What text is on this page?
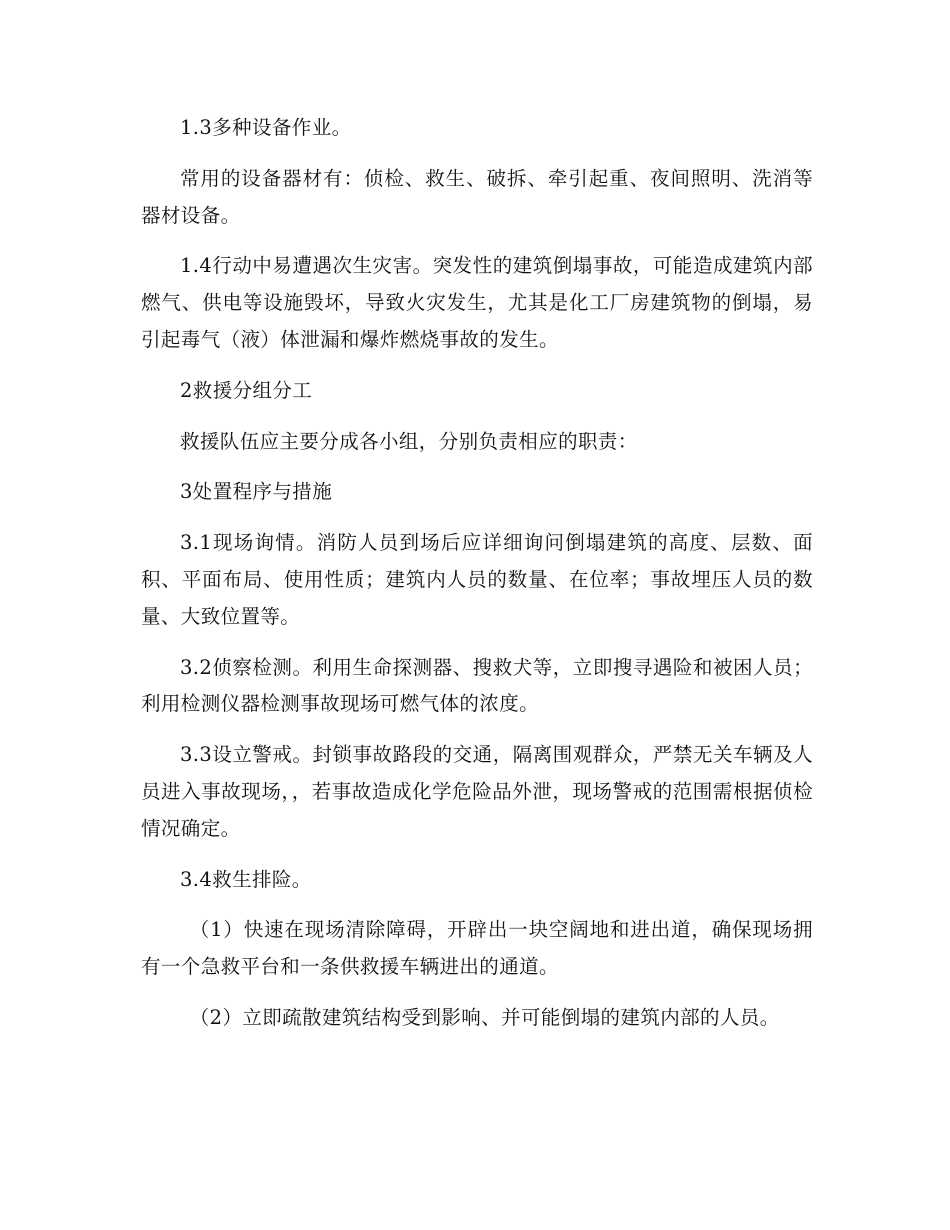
1.3多种设备作业。

常用的设备器材有：侦检、救生、破拆、牵引起重、夜间照明、洗消等器材设备。

1.4行动中易遭遇次生灾害。突发性的建筑倒塌事故，可能造成建筑内部燃气、供电等设施毁坏，导致火灾发生，尤其是化工厂房建筑物的倒塌，易引起毒气（液）体泄漏和爆炸燃烧事故的发生。

2救援分组分工

救援队伍应主要分成各小组，分别负责相应的职责：

3处置程序与措施

3.1现场询情。消防人员到场后应详细询问倒塌建筑的高度、层数、面积、平面布局、使用性质；建筑内人员的数量、在位率；事故埋压人员的数量、大致位置等。

3.2侦察检测。利用生命探测器、搜救犬等，立即搜寻遇险和被困人员；利用检测仪器检测事故现场可燃气体的浓度。

3.3设立警戒。封锁事故路段的交通，隔离围观群众，严禁无关车辆及人员进入事故现场，，若事故造成化学危险品外泄，现场警戒的范围需根据侦检情况确定。

3.4救生排险。

（1）快速在现场清除障碍，开辟出一块空阔地和进出道，确保现场拥有一个急救平台和一条供救援车辆进出的通道。

（2）立即疏散建筑结构受到影响、并可能倒塌的建筑内部的人员。
